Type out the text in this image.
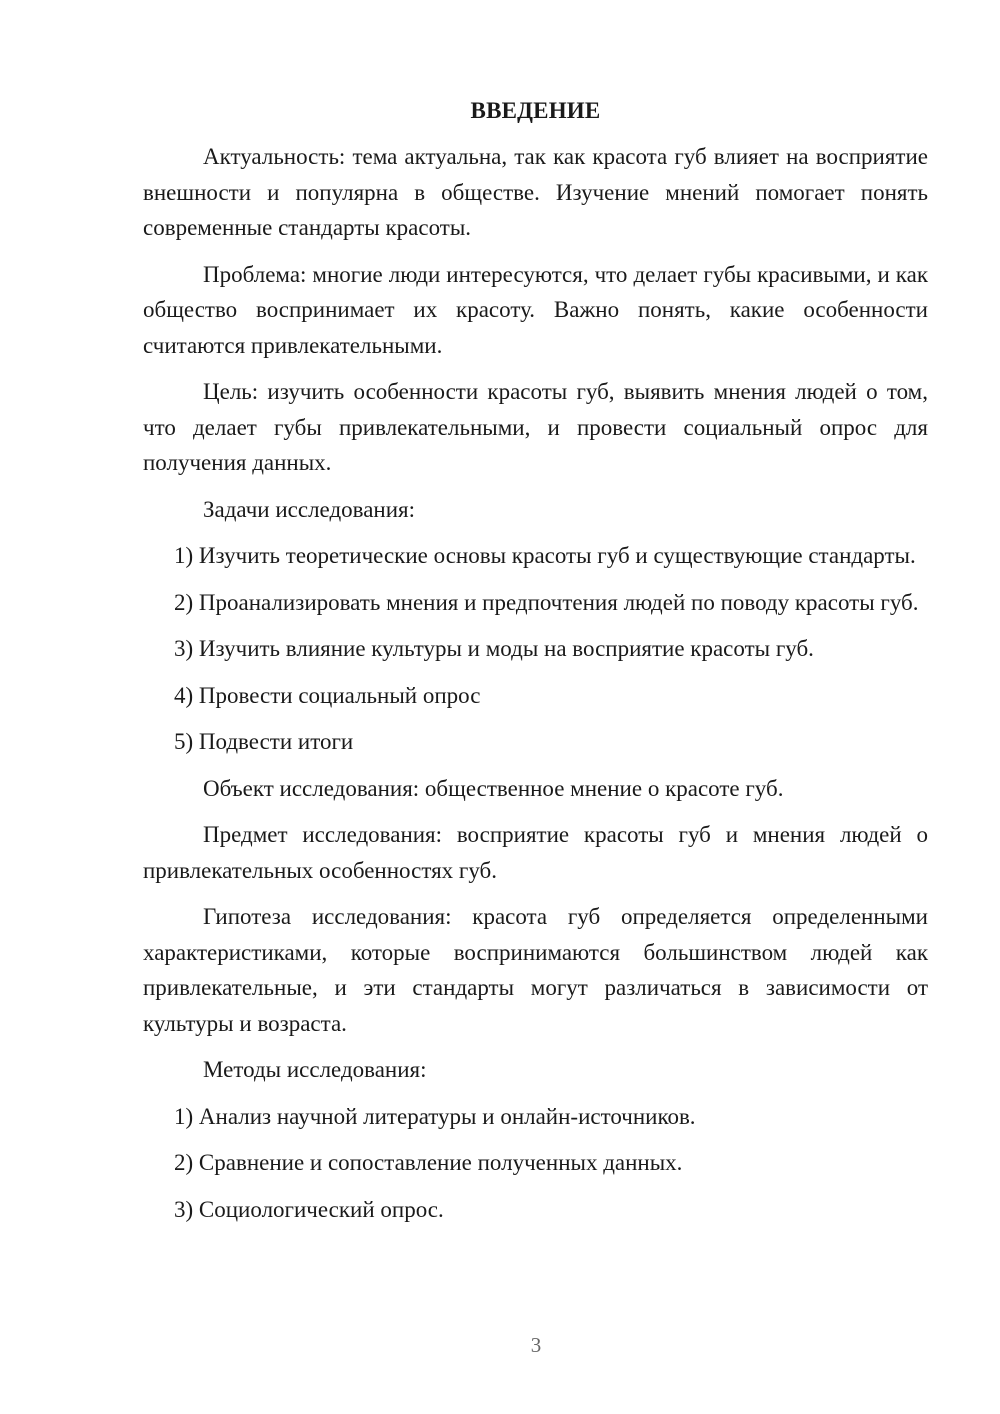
ВВЕДЕНИЕ
Актуальность: тема актуальна, так как красота губ влияет на восприятие внешности и популярна в обществе. Изучение мнений помогает понять современные стандарты красоты.
Проблема: многие люди интересуются, что делает губы красивыми, и как общество воспринимает их красоту. Важно понять, какие особенности считаются привлекательными.
Цель: изучить особенности красоты губ, выявить мнения людей о том, что делает губы привлекательными, и провести социальный опрос для получения данных.
Задачи исследования:
1) Изучить теоретические основы красоты губ и существующие стандарты.
2) Проанализировать мнения и предпочтения людей по поводу красоты губ.
3) Изучить влияние культуры и моды на восприятие красоты губ.
4) Провести социальный опрос
5) Подвести итоги
Объект исследования: общественное мнение о красоте губ.
Предмет исследования: восприятие красоты губ и мнения людей о привлекательных особенностях губ.
Гипотеза исследования: красота губ определяется определенными характеристиками, которые воспринимаются большинством людей как привлекательные, и эти стандарты могут различаться в зависимости от культуры и возраста.
Методы исследования:
1) Анализ научной литературы и онлайн-источников.
2) Сравнение и сопоставление полученных данных.
3) Социологический опрос.
3
